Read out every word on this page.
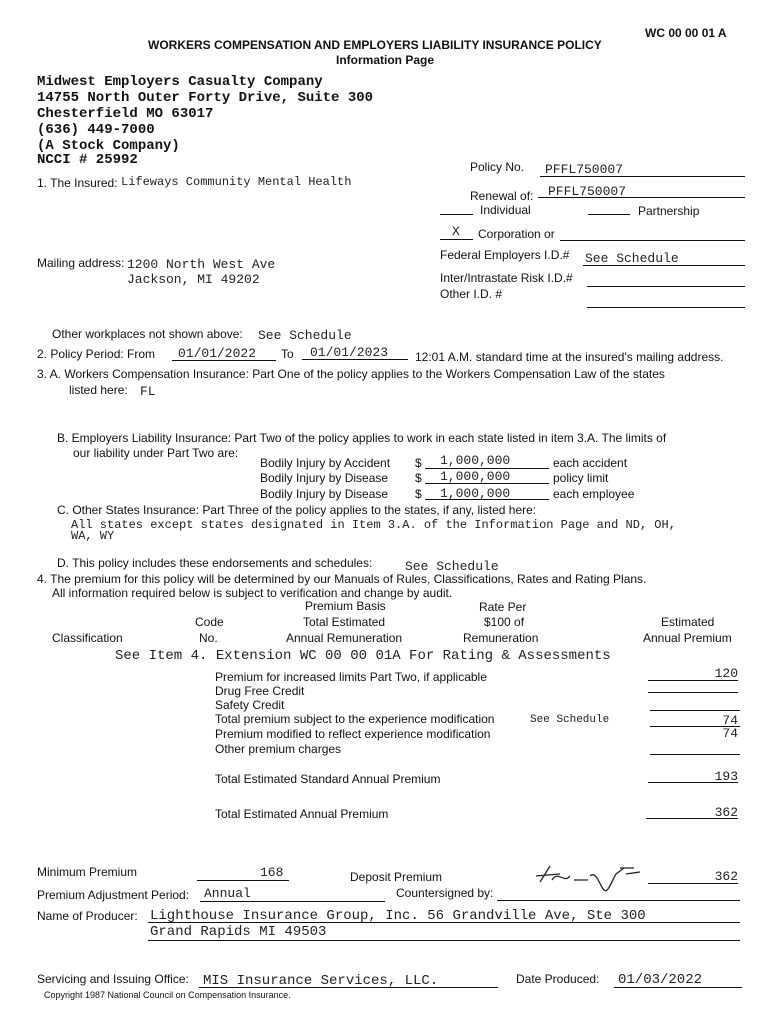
WC 00 00 01 A
WORKERS COMPENSATION AND EMPLOYERS LIABILITY INSURANCE POLICY
Information Page
Midwest Employers Casualty Company
14755 North Outer Forty Drive, Suite 300
Chesterfield MO 63017
(636) 449-7000
(A Stock Company)
NCCI # 25992	Policy No. PFFL750007
1. The Insured: Lifeways Community Mental Health
Renewal of: PFFL750007
Individual	Partnership
X Corporation or
Federal Employers I.D.# See Schedule
Mailing address: 1200 North West Ave
Jackson, MI 49202	Inter/Intrastate Risk I.D.#
Other I.D. #
Other workplaces not shown above: See Schedule
2. Policy Period: From 01/01/2022 To 01/01/2023 12:01 A.M. standard time at the insured's mailing address.
3. A. Workers Compensation Insurance: Part One of the policy applies to the Workers Compensation Law of the states
listed here: FL
B. Employers Liability Insurance: Part Two of the policy applies to work in each state listed in item 3.A. The limits of
our liability under Part Two are:
Bodily Injury by Accident $ 1,000,000	each accident
Bodily Injury by Disease $ 1,000,000	policy limit
Bodily Injury by Disease $ 1,000,000	each employee
C. Other States Insurance: Part Three of the policy applies to the states, if any, listed here:
All states except states designated in Item 3.A. of the Information Page and ND, OH,
WA, WY
D. This policy includes these endorsements and schedules:	See Schedule
4. The premium for this policy will be determined by our Manuals of Rules, Classifications, Rates and Rating Plans.
All information required below is subject to verification and change by audit.
Premium Basis	Rate Per
Code	Total Estimated	$100 of	Estimated
Classification	No.	Annual Remuneration	Remuneration	Annual Premium
See Item 4. Extension WC 00 00 01A For Rating & Assessments
Premium for increased limits Part Two, if applicable	120
Drug Free Credit
Safety Credit
Total premium subject to the experience modification	See Schedule	74
Premium modified to reflect experience modification	74
Other premium charges
Total Estimated Standard Annual Premium	193
Total Estimated Annual Premium	362
Minimum Premium	168	Deposit Premium	362
Premium Adjustment Period: Annual	Countersigned by:
Name of Producer: Lighthouse Insurance Group, Inc. 56 Grandville Ave, Ste 300
Grand Rapids MI 49503
Servicing and Issuing Office: MIS Insurance Services, LLC.	Date Produced: 01/03/2022
Copyright 1987 National Council on Compensation Insurance.
